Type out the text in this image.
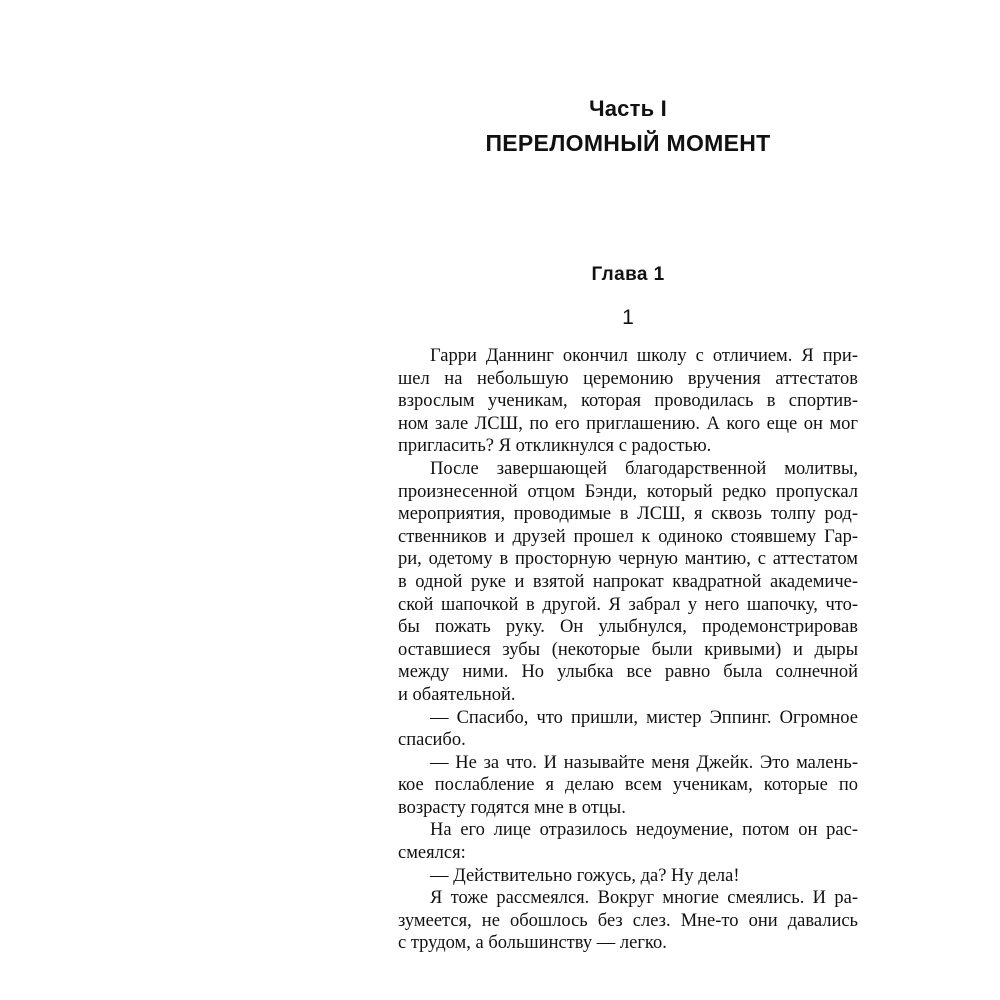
Часть I
ПЕРЕЛОМНЫЙ МОМЕНТ
Глава 1
1

Гарри Даннинг окончил школу с отличием. Я при-
шел на небольшую церемонию вручения аттестатов
взрослым ученикам, которая проводилась в спортив-
ном зале ЛСШ, по его приглашению. А кого еще он мог
пригласить? Я откликнулся с радостью.

После завершающей благодарственной молитвы,
произнесенной отцом Бэнди, который редко пропускал
мероприятия, проводимые в ЛСШ, я сквозь толпу род-
ственников и друзей прошел к одиноко стоявшему Гар-
ри, одетому в просторную черную мантию, с аттестатом
в одной руке и взятой напрокат квадратной академиче-
ской шапочкой в другой. Я забрал у него шапочку, что-
бы пожать руку. Он улыбнулся, продемонстрировав
оставшиеся зубы (некоторые были кривыми) и дыры
между ними. Но улыбка все равно была солнечной
и обаятельной.

— Спасибо, что пришли, мистер Эппинг. Огромное
спасибо.

— Не за что. И называйте меня Джейк. Это малень-
кое послабление я делаю всем ученикам, которые по
возрасту годятся мне в отцы.

На его лице отразилось недоумение, потом он рас-
смеялся:

— Действительно гожусь, да? Ну дела!

Я тоже рассмеялся. Вокруг многие смеялись. И ра-
зумеется, не обошлось без слез. Мне-то они давались
с трудом, а большинству — легко.
